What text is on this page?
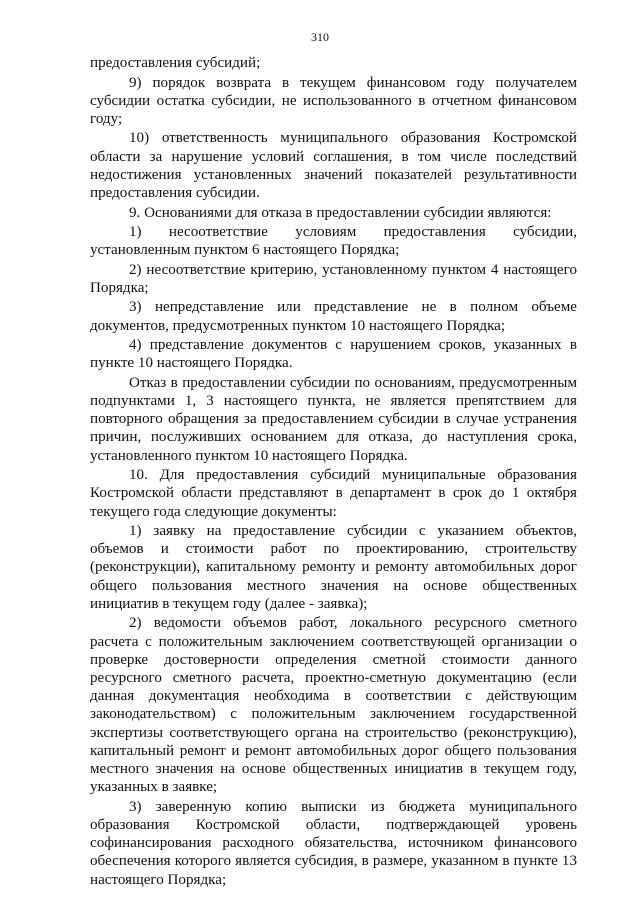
310

предоставления субсидий;

9) порядок возврата в текущем финансовом году получателем субсидии остатка субсидии, не использованного в отчетном финансовом году;

10) ответственность муниципального образования Костромской области за нарушение условий соглашения, в том числе последствий недостижения установленных значений показателей результативности предоставления субсидии.

9. Основаниями для отказа в предоставлении субсидии являются:

1) несоответствие условиям предоставления субсидии, установленным пунктом 6 настоящего Порядка;

2) несоответствие критерию, установленному пунктом 4 настоящего Порядка;

3) непредставление или представление не в полном объеме документов, предусмотренных пунктом 10 настоящего Порядка;

4) представление документов с нарушением сроков, указанных в пункте 10 настоящего Порядка.

Отказ в предоставлении субсидии по основаниям, предусмотренным подпунктами 1, 3 настоящего пункта, не является препятствием для повторного обращения за предоставлением субсидии в случае устранения причин, послуживших основанием для отказа, до наступления срока, установленного пунктом 10 настоящего Порядка.

10. Для предоставления субсидий муниципальные образования Костромской области представляют в департамент в срок до 1 октября текущего года следующие документы:

1) заявку на предоставление субсидии с указанием объектов, объемов и стоимости работ по проектированию, строительству (реконструкции), капитальному ремонту и ремонту автомобильных дорог общего пользования местного значения на основе общественных инициатив в текущем году (далее - заявка);

2) ведомости объемов работ, локального ресурсного сметного расчета с положительным заключением соответствующей организации о проверке достоверности определения сметной стоимости данного ресурсного сметного расчета, проектно-сметную документацию (если данная документация необходима в соответствии с действующим законодательством) с положительным заключением государственной экспертизы соответствующего органа на строительство (реконструкцию), капитальный ремонт и ремонт автомобильных дорог общего пользования местного значения на основе общественных инициатив в текущем году, указанных в заявке;

3) заверенную копию выписки из бюджета муниципального образования Костромской области, подтверждающей уровень софинансирования расходного обязательства, источником финансового обеспечения которого является субсидия, в размере, указанном в пункте 13 настоящего Порядка;
